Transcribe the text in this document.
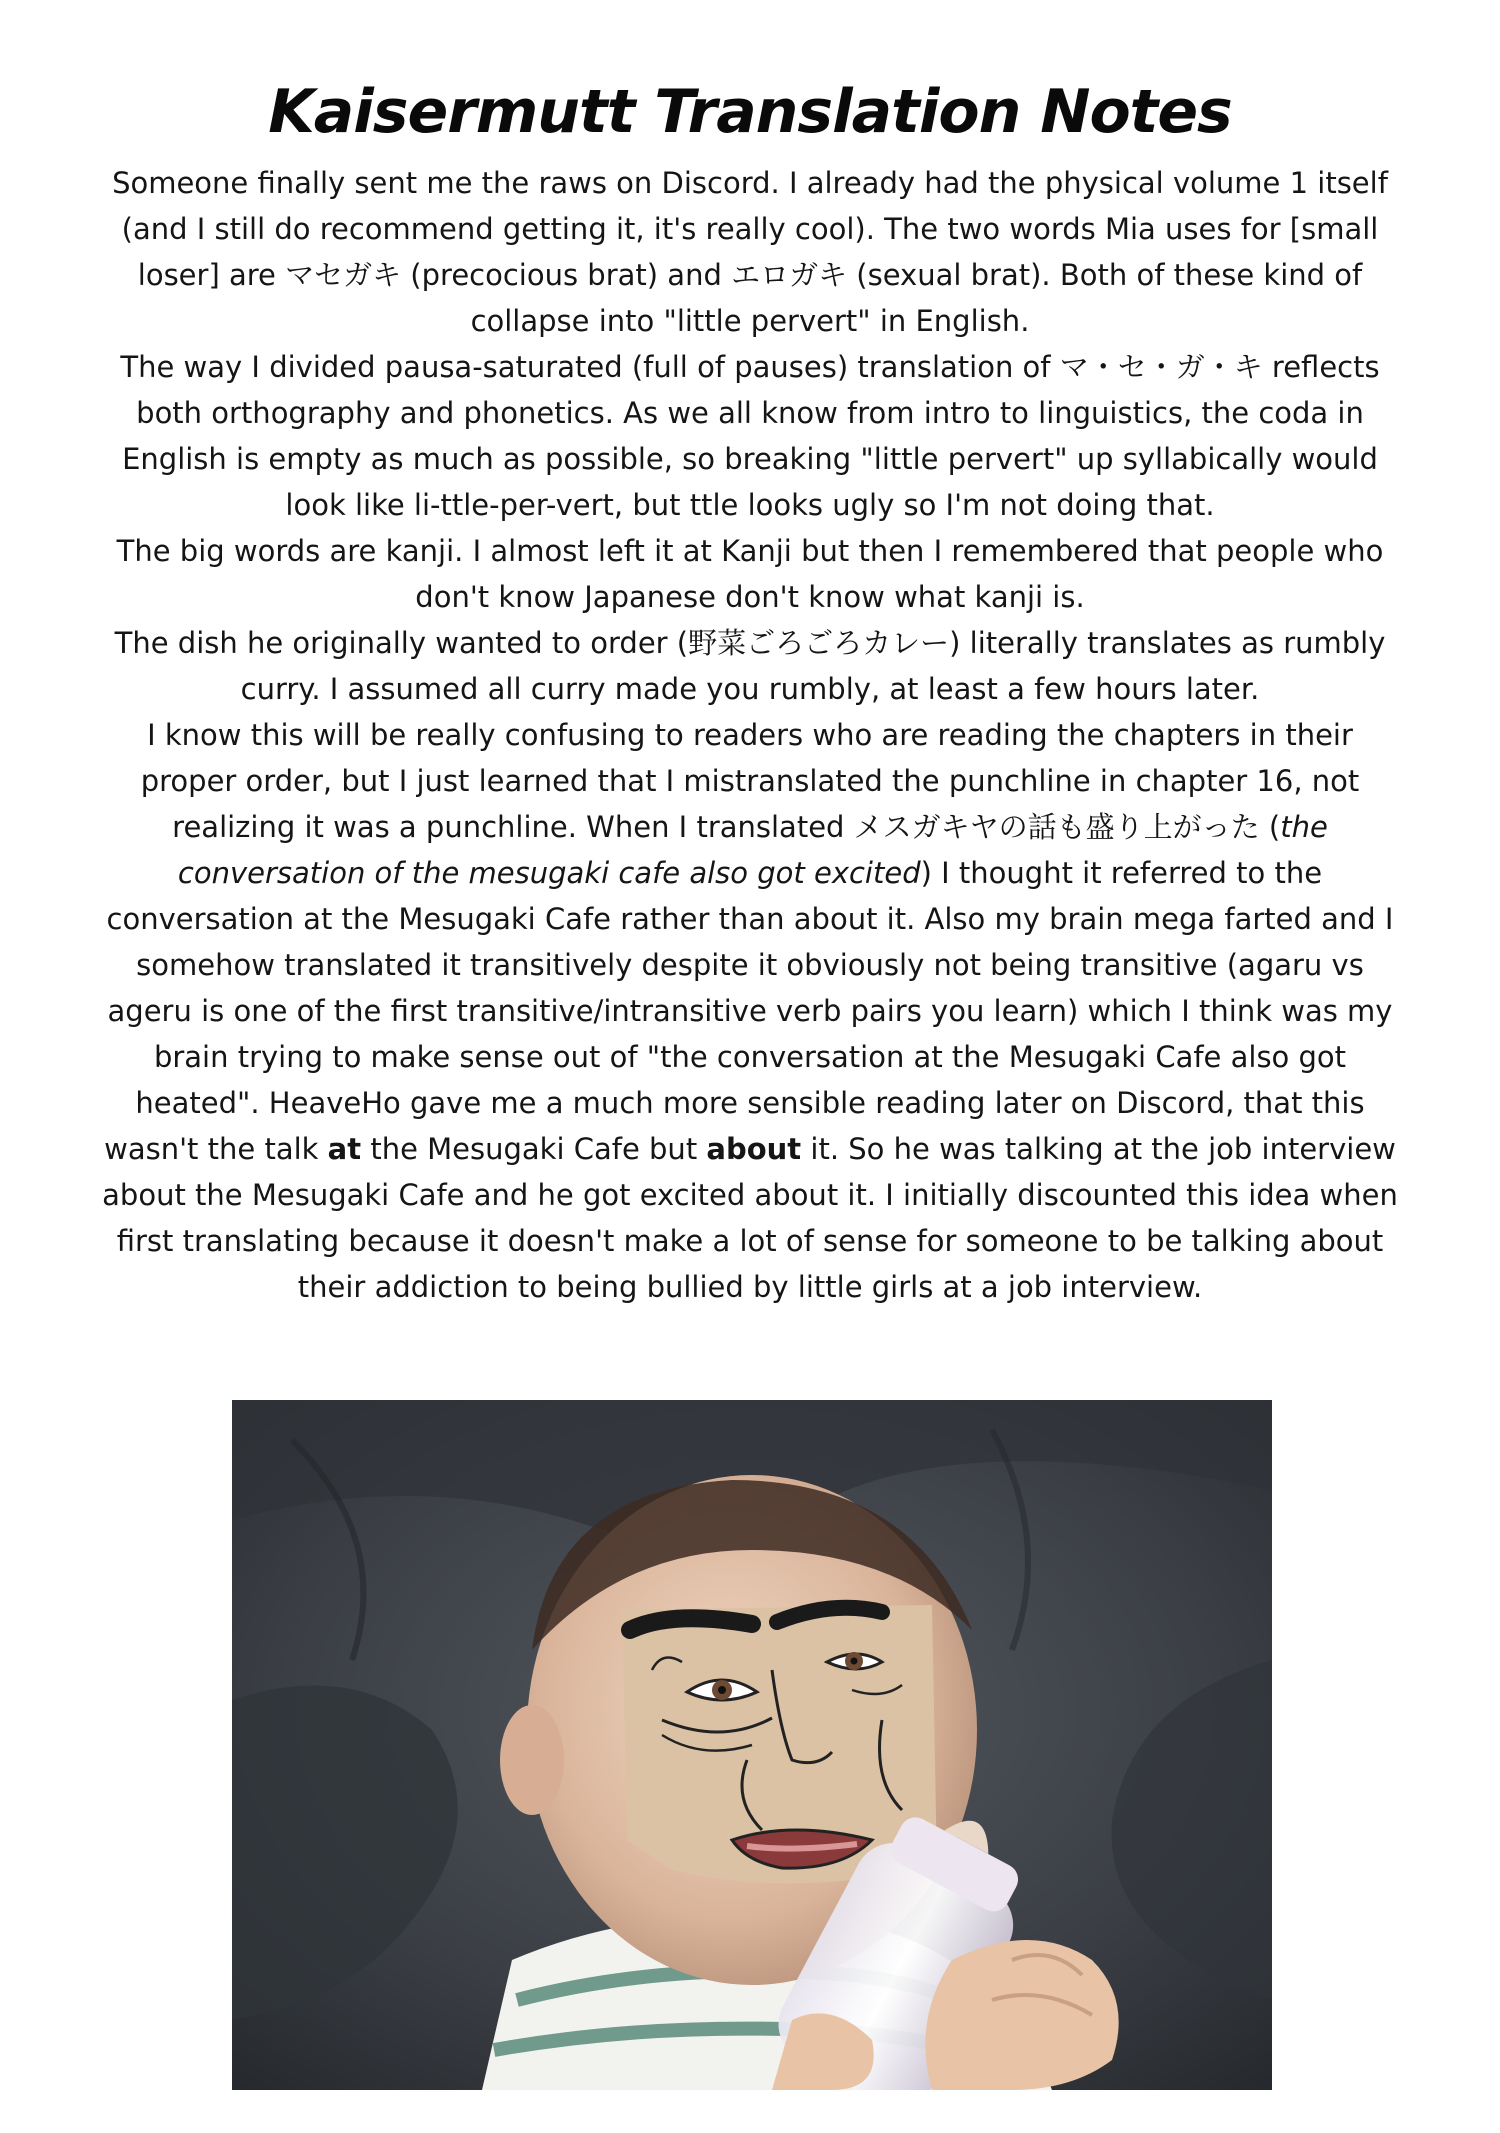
Kaisermutt Translation Notes

Someone finally sent me the raws on Discord. I already had the physical volume 1 itself (and I still do recommend getting it, it's really cool). The two words Mia uses for [small loser] are マセガキ (precocious brat) and エロガキ (sexual brat). Both of these kind of collapse into "little pervert" in English.

The way I divided pausa-saturated (full of pauses) translation of マ・セ・ガ・キ reflects both orthography and phonetics. As we all know from intro to linguistics, the coda in English is empty as much as possible, so breaking "little pervert" up syllabically would look like li-ttle-per-vert, but ttle looks ugly so I'm not doing that.

The big words are kanji. I almost left it at Kanji but then I remembered that people who don't know Japanese don't know what kanji is.

The dish he originally wanted to order (野菜ごろごろカレー) literally translates as rumbly curry. I assumed all curry made you rumbly, at least a few hours later.

I know this will be really confusing to readers who are reading the chapters in their proper order, but I just learned that I mistranslated the punchline in chapter 16, not realizing it was a punchline. When I translated メスガキヤの話も盛り上がった (the conversation of the mesugaki cafe also got excited) I thought it referred to the conversation at the Mesugaki Cafe rather than about it. Also my brain mega farted and I somehow translated it transitively despite it obviously not being transitive (agaru vs ageru is one of the first transitive/intransitive verb pairs you learn) which I think was my brain trying to make sense out of "the conversation at the Mesugaki Cafe also got heated". HeaveHo gave me a much more sensible reading later on Discord, that this wasn't the talk at the Mesugaki Cafe but about it. So he was talking at the job interview about the Mesugaki Cafe and he got excited about it. I initially discounted this idea when first translating because it doesn't make a lot of sense for someone to be talking about their addiction to being bullied by little girls at a job interview.
